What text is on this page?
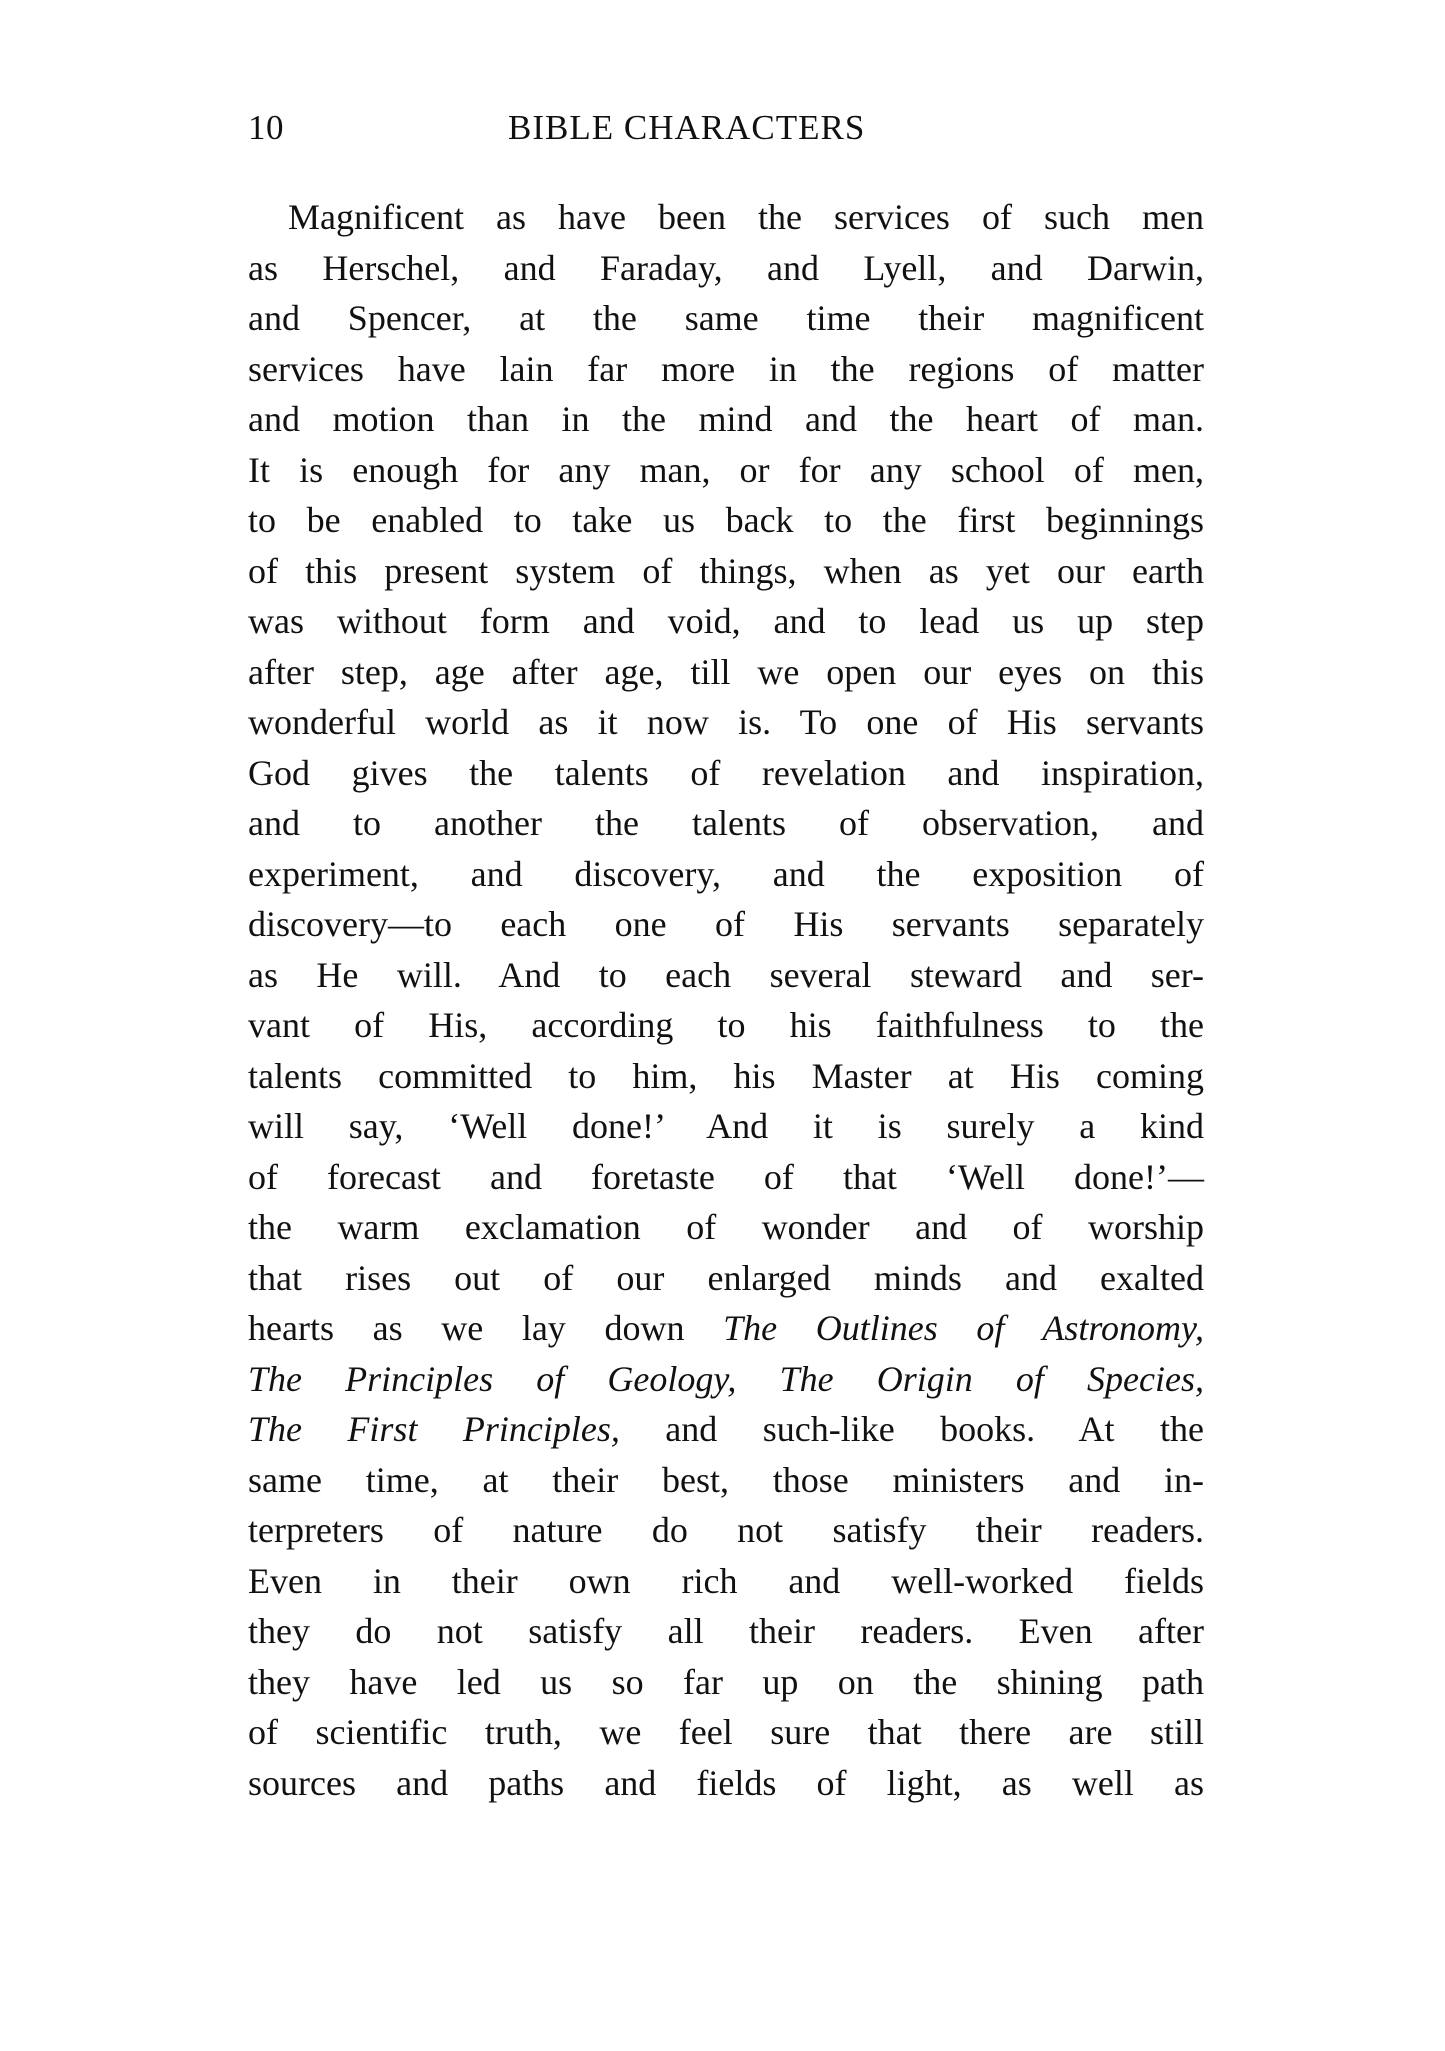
10	BIBLE CHARACTERS
Magnificent as have been the services of such men
as Herschel, and Faraday, and Lyell, and Darwin,
and Spencer, at the same time their magnificent
services have lain far more in the regions of matter
and motion than in the mind and the heart of man.
It is enough for any man, or for any school of men,
to be enabled to take us back to the first beginnings
of this present system of things, when as yet our earth
was without form and void, and to lead us up step
after step, age after age, till we open our eyes on this
wonderful world as it now is. To one of His servants
God gives the talents of revelation and inspiration,
and to another the talents of observation, and
experiment, and discovery, and the exposition of
discovery—to each one of His servants separately
as He will. And to each several steward and ser-
vant of His, according to his faithfulness to the
talents committed to him, his Master at His coming
will say, ‘Well done!’ And it is surely a kind
of forecast and foretaste of that ‘Well done!’—
the warm exclamation of wonder and of worship
that rises out of our enlarged minds and exalted
hearts as we lay down The Outlines of Astronomy,
The Principles of Geology, The Origin of Species,
The First Principles, and such-like books. At the
same time, at their best, those ministers and in-
terpreters of nature do not satisfy their readers.
Even in their own rich and well-worked fields
they do not satisfy all their readers. Even after
they have led us so far up on the shining path
of scientific truth, we feel sure that there are still
sources and paths and fields of light, as well as
